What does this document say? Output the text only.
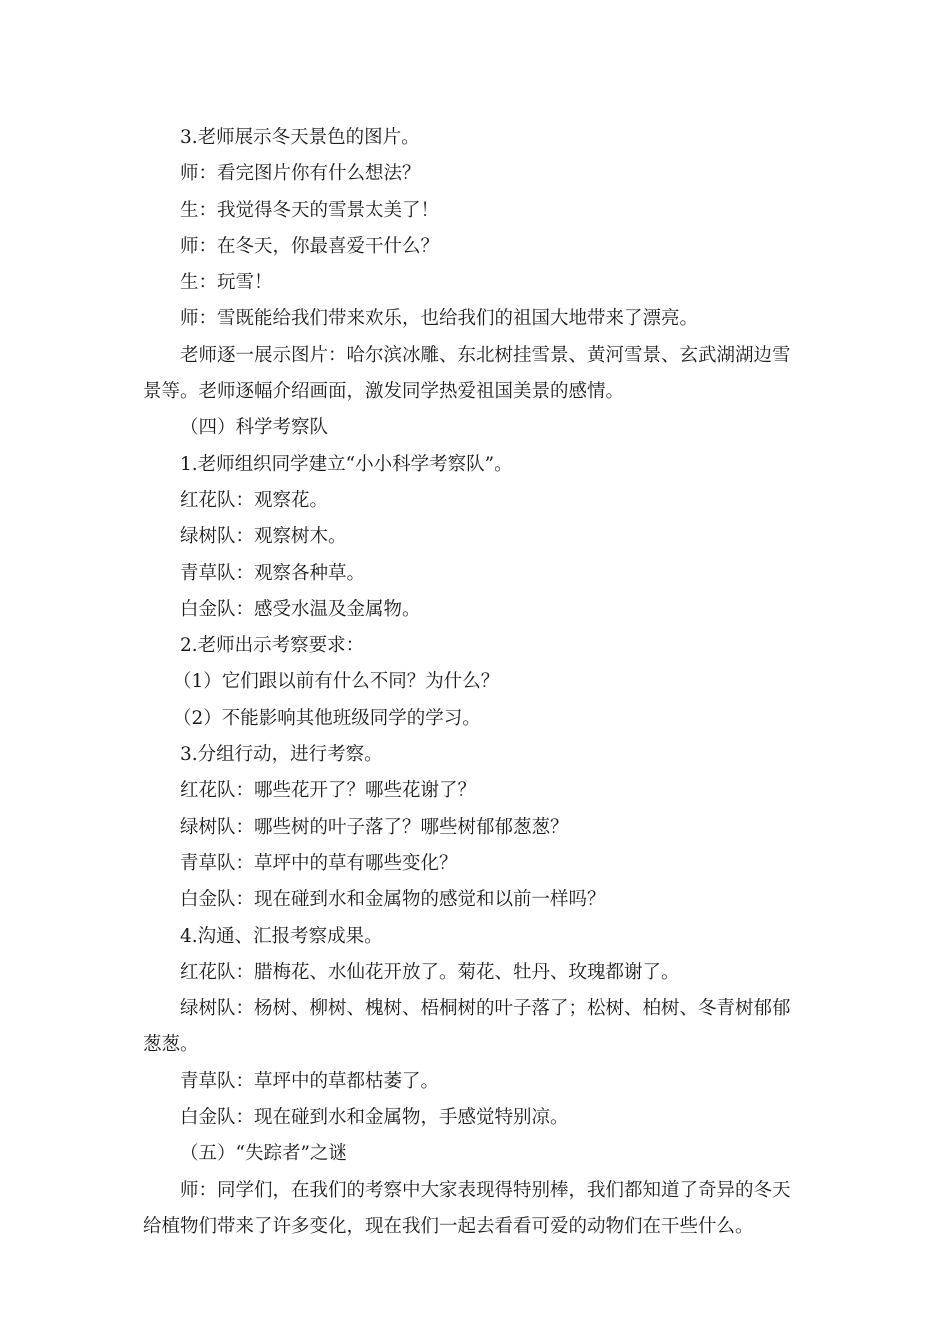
3.老师展示冬天景色的图片。

师：看完图片你有什么想法？

生：我觉得冬天的雪景太美了！

师：在冬天，你最喜爱干什么？

生：玩雪！

师：雪既能给我们带来欢乐，也给我们的祖国大地带来了漂亮。

老师逐一展示图片：哈尔滨冰雕、东北树挂雪景、黄河雪景、玄武湖湖边雪景等。老师逐幅介绍画面，激发同学热爱祖国美景的感情。

（四）科学考察队

1.老师组织同学建立“小小科学考察队”。

红花队：观察花。

绿树队：观察树木。

青草队：观察各种草。

白金队：感受水温及金属物。

2.老师出示考察要求：

（1）它们跟以前有什么不同？为什么？

（2）不能影响其他班级同学的学习。

3.分组行动，进行考察。

红花队：哪些花开了？哪些花谢了？

绿树队：哪些树的叶子落了？哪些树郁郁葱葱？

青草队：草坪中的草有哪些变化？

白金队：现在碰到水和金属物的感觉和以前一样吗？

4.沟通、汇报考察成果。

红花队：腊梅花、水仙花开放了。菊花、牡丹、玫瑰都谢了。

绿树队：杨树、柳树、槐树、梧桐树的叶子落了；松树、柏树、冬青树郁郁葱葱。

青草队：草坪中的草都枯萎了。

白金队：现在碰到水和金属物，手感觉特别凉。

（五）“失踪者”之谜

师：同学们，在我们的考察中大家表现得特别棒，我们都知道了奇异的冬天给植物们带来了许多变化，现在我们一起去看看可爱的动物们在干些什么。
